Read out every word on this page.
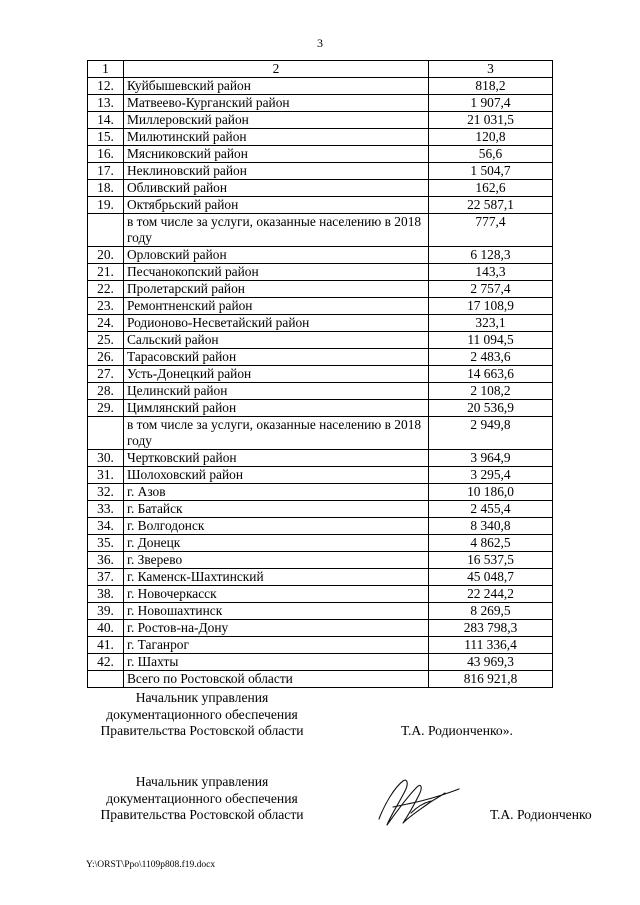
3
1	2	3
12.	Куйбышевский район	818,2
13.	Матвеево-Курганский район	1 907,4
14.	Миллеровский район	21 031,5
15.	Милютинский район	120,8
16.	Мясниковский район	56,6
17.	Неклиновский район	1 504,7
18.	Обливский район	162,6
19.	Октябрьский район	22 587,1
	в том числе за услуги, оказанные населению в 2018 году	777,4
20.	Орловский район	6 128,3
21.	Песчанокопский район	143,3
22.	Пролетарский район	2 757,4
23.	Ремонтненский район	17 108,9
24.	Родионово-Несветайский район	323,1
25.	Сальский район	11 094,5
26.	Тарасовский район	2 483,6
27.	Усть-Донецкий район	14 663,6
28.	Целинский район	2 108,2
29.	Цимлянский район	20 536,9
	в том числе за услуги, оказанные населению в 2018 году	2 949,8
30.	Чертковский район	3 964,9
31.	Шолоховский район	3 295,4
32.	г. Азов	10 186,0
33.	г. Батайск	2 455,4
34.	г. Волгодонск	8 340,8
35.	г. Донецк	4 862,5
36.	г. Зверево	16 537,5
37.	г. Каменск-Шахтинский	45 048,7
38.	г. Новочеркасск	22 244,2
39.	г. Новошахтинск	8 269,5
40.	г. Ростов-на-Дону	283 798,3
41.	г. Таганрог	111 336,4
42.	г. Шахты	43 969,3
	Всего по Ростовской области	816 921,8
Начальник управления
документационного обеспечения
Правительства Ростовской области	Т.А. Родионченко».
Начальник управления
документационного обеспечения
Правительства Ростовской области	Т.А. Родионченко
Y:\ORST\Ppo\1109p808.f19.docx
